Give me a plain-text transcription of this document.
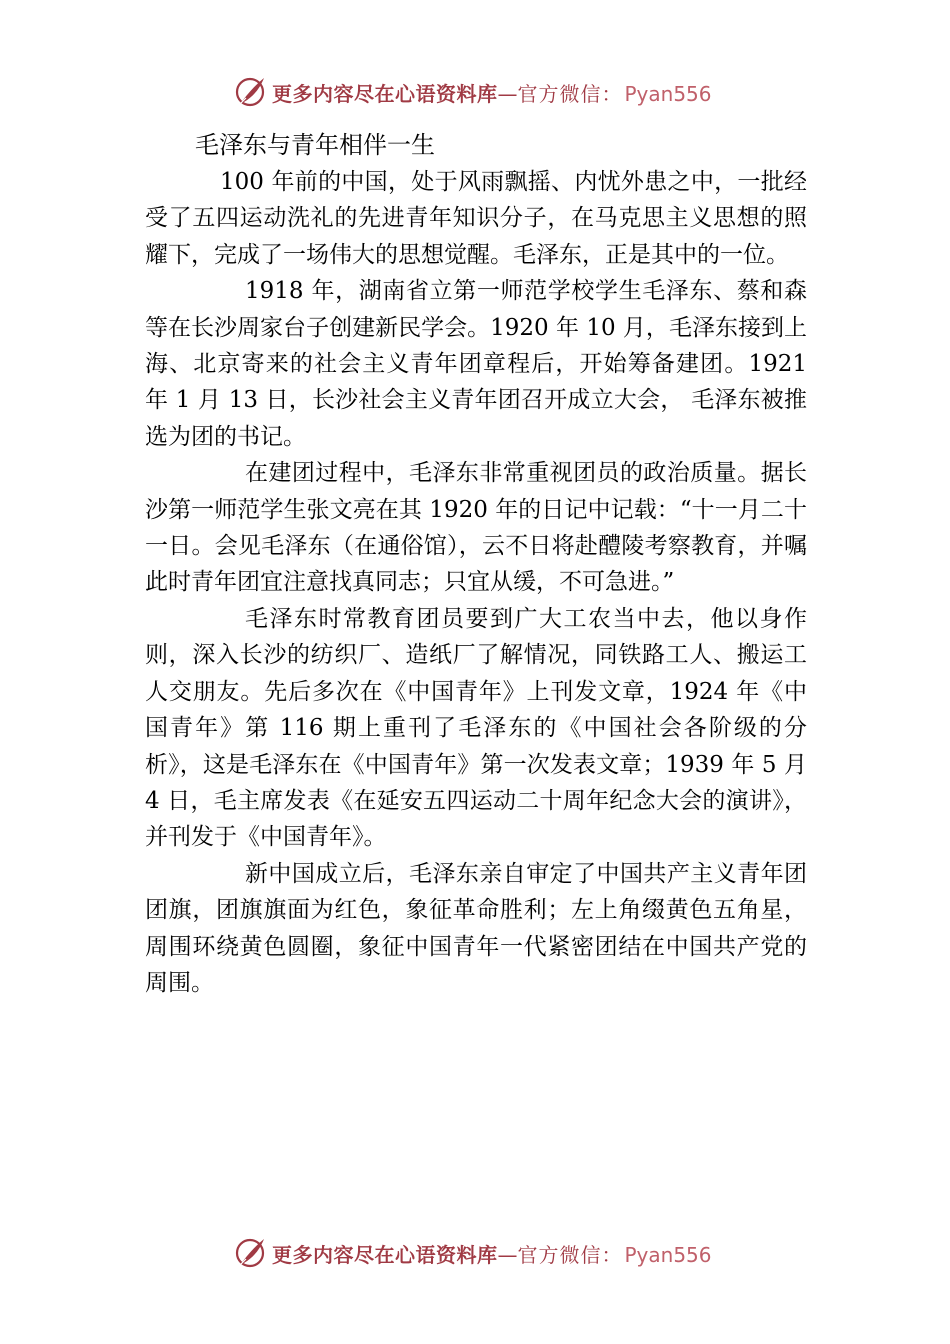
更多内容尽在心语资料库—官方微信： Pyan556
毛泽东与青年相伴一生

100 年前的中国，处于风雨飘摇、内忧外患之中，一批经受了五四运动洗礼的先进青年知识分子，在马克思主义思想的照耀下，完成了一场伟大的思想觉醒。毛泽东，正是其中的一位。

1918 年，湖南省立第一师范学校学生毛泽东、蔡和森等在长沙周家台子创建新民学会。1920 年 10 月，毛泽东接到上海、北京寄来的社会主义青年团章程后，开始筹备建团。1921 年 1 月 13 日，长沙社会主义青年团召开成立大会， 毛泽东被推选为团的书记。

在建团过程中，毛泽东非常重视团员的政治质量。据长沙第一师范学生张文亮在其 1920 年的日记中记载：“十一月二十一日。会见毛泽东（在通俗馆），云不日将赴醴陵考察教育，并嘱此时青年团宜注意找真同志；只宜从缓，不可急进。”

毛泽东时常教育团员要到广大工农当中去，他以身作则，深入长沙的纺织厂、造纸厂了解情况，同铁路工人、搬运工人交朋友。先后多次在《中国青年》上刊发文章，1924 年《中国青年》第 116 期上重刊了毛泽东的《中国社会各阶级的分析》，这是毛泽东在《中国青年》第一次发表文章；1939 年 5 月 4 日，毛主席发表《在延安五四运动二十周年纪念大会的演讲》，并刊发于《中国青年》。

新中国成立后，毛泽东亲自审定了中国共产主义青年团团旗，团旗旗面为红色，象征革命胜利；左上角缀黄色五角星，周围环绕黄色圆圈，象征中国青年一代紧密团结在中国共产党的周围。

更多内容尽在心语资料库—官方微信： Pyan556
